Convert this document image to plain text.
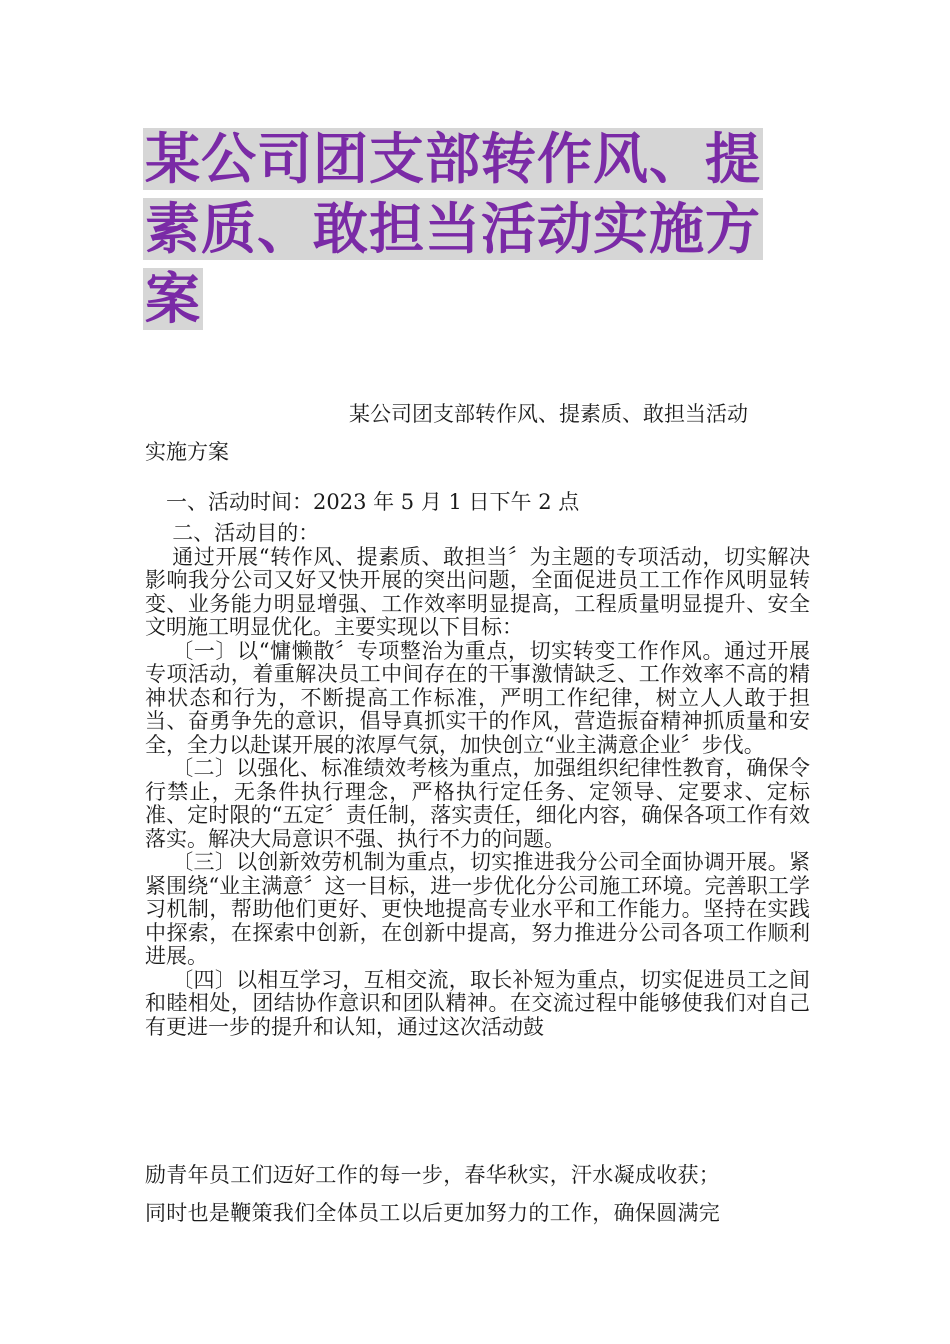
某公司团支部转作风、提
素质、敢担当活动实施方
案
某公司团支部转作风、提素质、敢担当活动
实施方案
一、活动时间：2023 年 5 月 1 日下午 2 点

二、活动目的：

通过开展“转作风、提素质、敢担当〞为主题的专项活动，切实解决影响我分公司又好又快开展的突出问题，全面促进员工工作作风明显转变、业务能力明显增强、工作效率明显提高，工程质量明显提升、安全文明施工明显优化。主要实现以下目标：

〔一〕以“慵懒散〞专项整治为重点，切实转变工作作风。通过开展专项活动，着重解决员工中间存在的干事激情缺乏、工作效率不高的精神状态和行为，不断提高工作标准，严明工作纪律，树立人人敢于担当、奋勇争先的意识，倡导真抓实干的作风，营造振奋精神抓质量和安全，全力以赴谋开展的浓厚气氛，加快创立“业主满意企业〞步伐。

〔二〕以强化、标准绩效考核为重点，加强组织纪律性教育，确保令行禁止，无条件执行理念，严格执行定任务、定领导、定要求、定标准、定时限的“五定〞责任制，落实责任，细化内容，确保各项工作有效落实。解决大局意识不强、执行不力的问题。

〔三〕以创新效劳机制为重点，切实推进我分公司全面协调开展。紧紧围绕“业主满意〞这一目标，进一步优化分公司施工环境。完善职工学习机制，帮助他们更好、更快地提高专业水平和工作能力。坚持在实践中探索，在探索中创新，在创新中提高，努力推进分公司各项工作顺利进展。

〔四〕以相互学习，互相交流，取长补短为重点，切实促进员工之间和睦相处，团结协作意识和团队精神。在交流过程中能够使我们对自己有更进一步的提升和认知，通过这次活动鼓

励青年员工们迈好工作的每一步，春华秋实，汗水凝成收获；
同时也是鞭策我们全体员工以后更加努力的工作，确保圆满完
